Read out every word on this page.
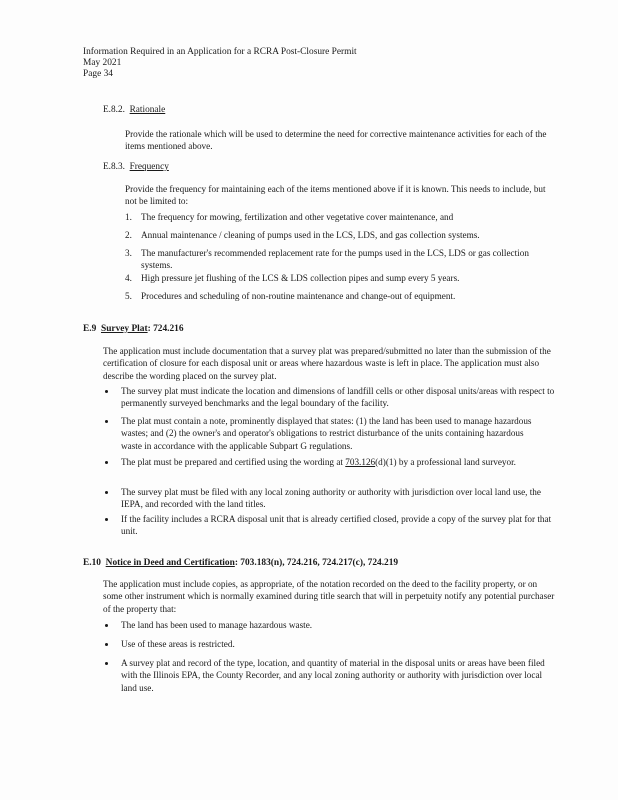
Information Required in an Application for a RCRA Post-Closure Permit
May 2021
Page 34
E.8.2. Rationale
Provide the rationale which will be used to determine the need for corrective maintenance activities for each of the items mentioned above.
E.8.3. Frequency
Provide the frequency for maintaining each of the items mentioned above if it is known. This needs to include, but not be limited to:
1. The frequency for mowing, fertilization and other vegetative cover maintenance, and
2. Annual maintenance / cleaning of pumps used in the LCS, LDS, and gas collection systems.
3. The manufacturer's recommended replacement rate for the pumps used in the LCS, LDS or gas collection systems.
4. High pressure jet flushing of the LCS & LDS collection pipes and sump every 5 years.
5. Procedures and scheduling of non-routine maintenance and change-out of equipment.
E.9 Survey Plat: 724.216
The application must include documentation that a survey plat was prepared/submitted no later than the submission of the certification of closure for each disposal unit or areas where hazardous waste is left in place. The application must also describe the wording placed on the survey plat.
The survey plat must indicate the location and dimensions of landfill cells or other disposal units/areas with respect to permanently surveyed benchmarks and the legal boundary of the facility.
The plat must contain a note, prominently displayed that states: (1) the land has been used to manage hazardous wastes; and (2) the owner's and operator's obligations to restrict disturbance of the units containing hazardous waste in accordance with the applicable Subpart G regulations.
The plat must be prepared and certified using the wording at 703.126(d)(1) by a professional land surveyor.
The survey plat must be filed with any local zoning authority or authority with jurisdiction over local land use, the IEPA, and recorded with the land titles.
If the facility includes a RCRA disposal unit that is already certified closed, provide a copy of the survey plat for that unit.
E.10 Notice in Deed and Certification: 703.183(n), 724.216, 724.217(c), 724.219
The application must include copies, as appropriate, of the notation recorded on the deed to the facility property, or on some other instrument which is normally examined during title search that will in perpetuity notify any potential purchaser of the property that:
The land has been used to manage hazardous waste.
Use of these areas is restricted.
A survey plat and record of the type, location, and quantity of material in the disposal units or areas have been filed with the Illinois EPA, the County Recorder, and any local zoning authority or authority with jurisdiction over local land use.
